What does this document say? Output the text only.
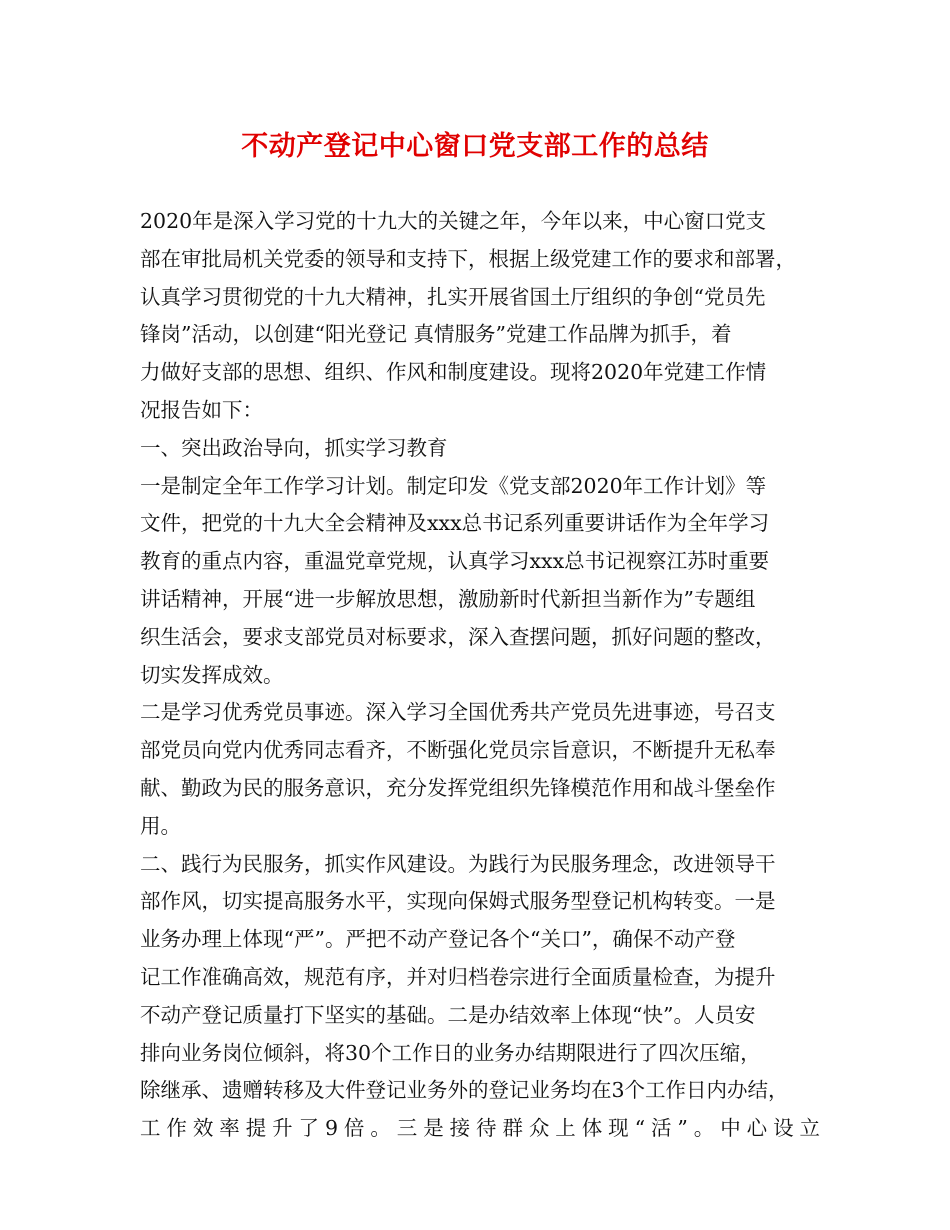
不动产登记中心窗口党支部工作的总结
2020年是深入学习党的十九大的关键之年，今年以来，中心窗口党支
部在审批局机关党委的领导和支持下，根据上级党建工作的要求和部署，
认真学习贯彻党的十九大精神，扎实开展省国土厅组织的争创“党员先
锋岗”活动，以创建“阳光登记 真情服务”党建工作品牌为抓手，着
力做好支部的思想、组织、作风和制度建设。现将2020年党建工作情
况报告如下：
一、突出政治导向，抓实学习教育
一是制定全年工作学习计划。制定印发《党支部2020年工作计划》等
文件，把党的十九大全会精神及xxx总书记系列重要讲话作为全年学习
教育的重点内容，重温党章党规，认真学习xxx总书记视察江苏时重要
讲话精神，开展“进一步解放思想，激励新时代新担当新作为”专题组
织生活会，要求支部党员对标要求，深入查摆问题，抓好问题的整改，
切实发挥成效。
二是学习优秀党员事迹。深入学习全国优秀共产党员先进事迹，号召支
部党员向党内优秀同志看齐，不断强化党员宗旨意识，不断提升无私奉
献、勤政为民的服务意识，充分发挥党组织先锋模范作用和战斗堡垒作
用。
二、践行为民服务，抓实作风建设。为践行为民服务理念，改进领导干
部作风，切实提高服务水平，实现向保姆式服务型登记机构转变。一是
业务办理上体现“严”。严把不动产登记各个“关口”，确保不动产登
记工作准确高效，规范有序，并对归档卷宗进行全面质量检查，为提升
不动产登记质量打下坚实的基础。二是办结效率上体现“快”。人员安
排向业务岗位倾斜，将30个工作日的业务办结期限进行了四次压缩，
除继承、遗赠转移及大件登记业务外的登记业务均在3个工作日内办结，
工作效率提升了9倍。三是接待群众上体现“活”。中心设立
